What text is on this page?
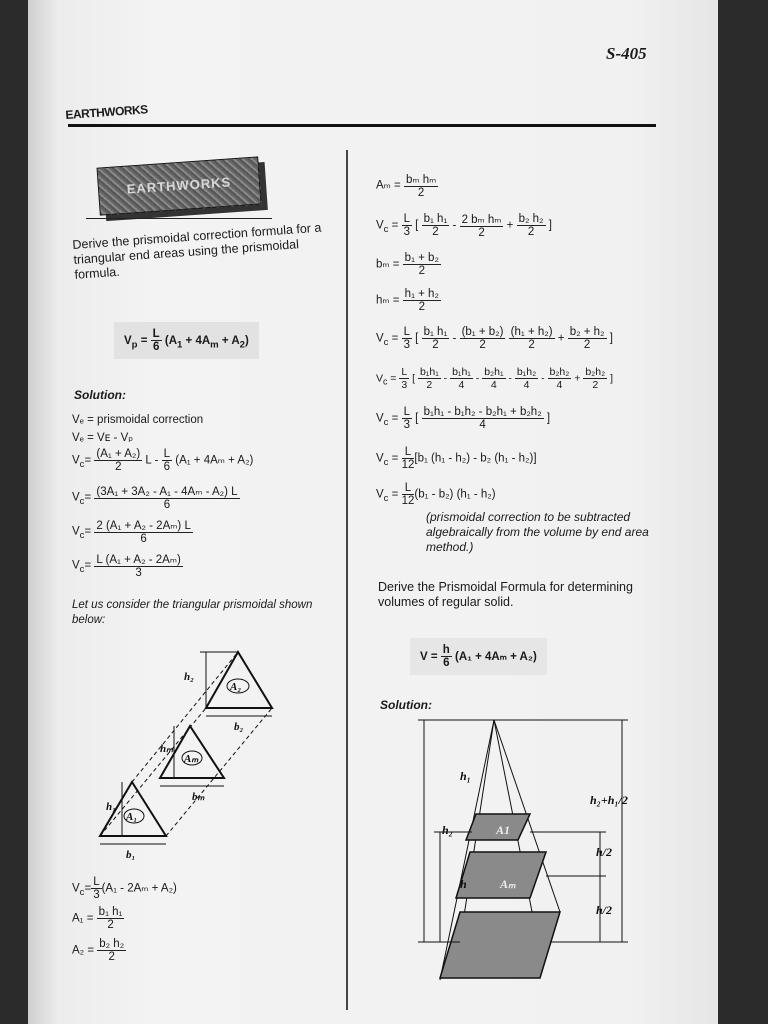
S-405
EARTHWORKS
EARTHWORKS
Derive the prismoidal correction formula for a triangular end areas using the prismoidal formula.
$V_p = \frac{L}{6} (A_1 + 4A_m + A_2)$
Solution:
Vₑ = prismoidal correction
Vₑ = Vᴇ - Vₚ
$V_c= \frac{\text{(A₁ + A₂)}}{2}$ $L - \frac{L}{6} (A_1 + 4A_m + A_2)$
$V_c= \frac{\text{(3A₁ + 3A₂ - A₁ - 4Aₘ - A₂) L}}{6}$
$V_c= \frac{\text{2 (A₁ + A₂ - 2Aₘ) L}}{6}$
$V_c= \frac{\text{L (A₁ + A₂ - 2Aₘ)}}{3}$
Let us consider the triangular prismoidal shown below:
A₂
Aₘ
A₁
h₂
b₂
hₘ
bₘ
h₁
b₁
$V_c= \frac{L}{3} (A_1 - 2A_m + A_2)$
$A_1 = \frac{\text{b₁ h₁}}{2}$
$A_2 = \frac{\text{b₂ h₂}}{2}$
$A_m = \frac{\text{bₘ hₘ}}{2}$
$V_c = \frac{L}{3}$ [ $\frac{\text{b₁ h₁}}{2} - \frac{\text{2 bₘ hₘ}}{2} + \frac{\text{b₂ h₂}}{2}$ ]
$b_m = \frac{\text{b₁ + b₂}}{2}$
$h_m = \frac{\text{h₁ + h₂}}{2}$
$V_c = \frac{L}{3}$ [ $\frac{\text{b₁ h₁}}{2} - \frac{\text{(b₁ + b₂)}}{2}$
$\frac{\text{(h₁ + h₂)}}{2} + \frac{\text{b₂ + h₂}}{2}$ ]
$V_c = \frac{L}{3}$ [ $\frac{\text{b₁h₁}}{2} - \frac{\text{b₁h₁}}{4} - \frac{\text{b₂h₁}}{4} - \frac{\text{b₁h₂}}{4} - \frac{\text{b₂h₂}}{4} + \frac{\text{b₂h₂}}{2}$ ]
$V_c = \frac{L}{3}$ [ $\frac{\text{b₁h₁ - b₁h₂ - b₂h₁ + b₂h₂}}{4}$ ]
$V_c = \frac{L}{12} [b_1$ (h₁ - h₂) - b₂ (h₁ - h₂)]
$V_c = \frac{L}{12} (b_1 - b_2)$ (h₁ - h₂)
(prismoidal correction to be subtracted algebraically from the volume by end area method.)
Derive the Prismoidal Formula for determining volumes of regular solid.
$V = \frac{h}{6} (A_1 + 4A_m + A_2)$
Solution:
h₁
h₂
h
h₂+h₁/2
h/2
h/2
A1
Aₘ
